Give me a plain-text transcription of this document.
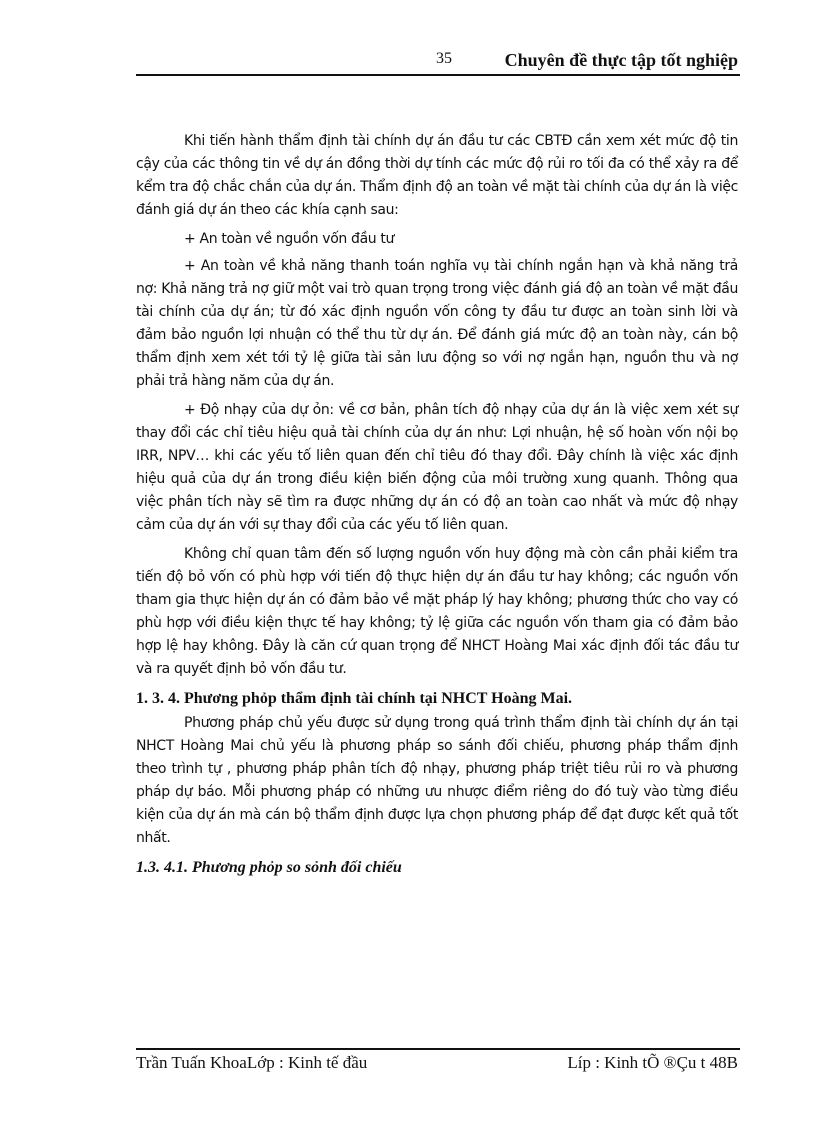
35	Chuyên đề thực tập tốt nghiệp

Khi tiến hành thẩm định tài chính dự án đầu tư các CBTĐ cần xem xét mức độ tin cậy của các thông tin về dự án đồng thời dự tính các mức độ rủi ro tối đa có thể xảy ra để kểm tra độ chắc chắn của dự án. Thẩm định độ an toàn về mặt tài chính của dự án là việc đánh giá dự án theo các khía cạnh sau:

+ An toàn về nguồn vốn đầu tư

+ An toàn về khả năng thanh toán nghĩa vụ tài chính ngắn hạn và khả năng trả nợ: Khả năng trả nợ giữ một vai trò quan trọng trong việc đánh giá độ an toàn về mặt đầu tài chính của dự án; từ đó xác định nguồn vốn công ty đầu tư được an toàn sinh lời và đảm bảo nguồn lợi nhuận có thể thu từ dự án. Để đánh giá mức độ an toàn này, cán bộ thẩm định xem xét tới tỷ lệ giữa tài sản lưu động so với nợ ngắn hạn, nguồn thu và nợ phải trả hàng năm của dự án.

+ Độ nhạy của dự ỏn: về cơ bản, phân tích độ nhạy của dự án là việc xem xét sự thay đổi các chỉ tiêu hiệu quả tài chính của dự án như: Lợi nhuận, hệ số hoàn vốn nội bọ IRR, NPV… khi các yếu tố liên quan đến chỉ tiêu đó thay đổi. Đây chính là việc xác định hiệu quả của dự án trong điều kiện biến động của môi trường xung quanh. Thông qua việc phân tích này sẽ tìm ra được những dự án có độ an toàn cao nhất và mức độ nhạy cảm của dự án với sự thay đổi của các yếu tố liên quan.

Không chỉ quan tâm đến số lượng nguồn vốn huy động mà còn cần phải kiểm tra tiến độ bỏ vốn có phù hợp với tiến độ thực hiện dự án đầu tư hay không; các nguồn vốn tham gia thực hiện dự án có đảm bảo về mặt pháp lý hay không; phương thức cho vay có phù hợp với điều kiện thực tế hay không; tỷ lệ giữa các nguồn vốn tham gia có đảm bảo hợp lệ hay không. Đây là căn cứ quan trọng để NHCT Hoàng Mai xác định đối tác đầu tư và ra quyết định bỏ vốn đầu tư.

1. 3. 4. Phương phỏp thẩm định tài chính tại NHCT Hoàng Mai.

Phương pháp chủ yếu được sử dụng trong quá trình thẩm định tài chính dự án tại NHCT Hoàng Mai chủ yếu là phương pháp so sánh đối chiếu, phương pháp thẩm định theo trình tự , phương pháp phân tích độ nhạy, phương pháp triệt tiêu rủi ro và phương pháp dự báo. Mỗi phương pháp có những ưu nhược điểm riêng do đó tuỳ vào từng điều kiện của dự án mà cán bộ thẩm định được lựa chọn phương pháp để đạt được kết quả tốt nhất.

1.3. 4.1. Phương phỏp so sỏnh đối chiếu
Trần Tuấn KhoaLớp : Kinh tế đầu	Líp : Kinh tÕ ®Çu t 48B
